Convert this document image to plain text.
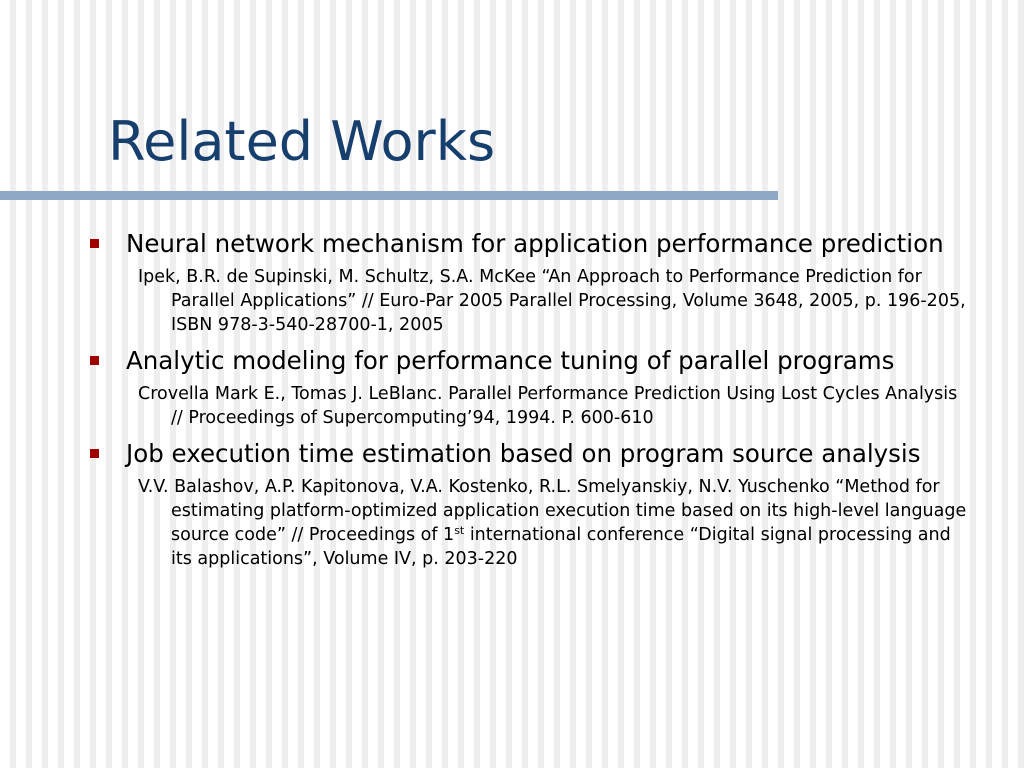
Related Works
Neural network mechanism for application performance prediction
Ipek, B.R. de Supinski, M. Schultz, S.A. McKee “An Approach to Performance Prediction for Parallel Applications” // Euro-Par 2005 Parallel Processing, Volume 3648, 2005, p. 196-205, ISBN 978-3-540-28700-1, 2005
Analytic modeling for performance tuning of parallel programs
Crovella Mark E., Tomas J. LeBlanc. Parallel Performance Prediction Using Lost Cycles Analysis // Proceedings of Supercomputing’94, 1994. P. 600-610
Job execution time estimation based on program source analysis
V.V. Balashov, A.P. Kapitonova, V.A. Kostenko, R.L. Smelyanskiy, N.V. Yuschenko “Method for estimating platform-optimized application execution time based on its high-level language source code” // Proceedings of 1st international conference “Digital signal processing and its applications”, Volume IV, p. 203-220
